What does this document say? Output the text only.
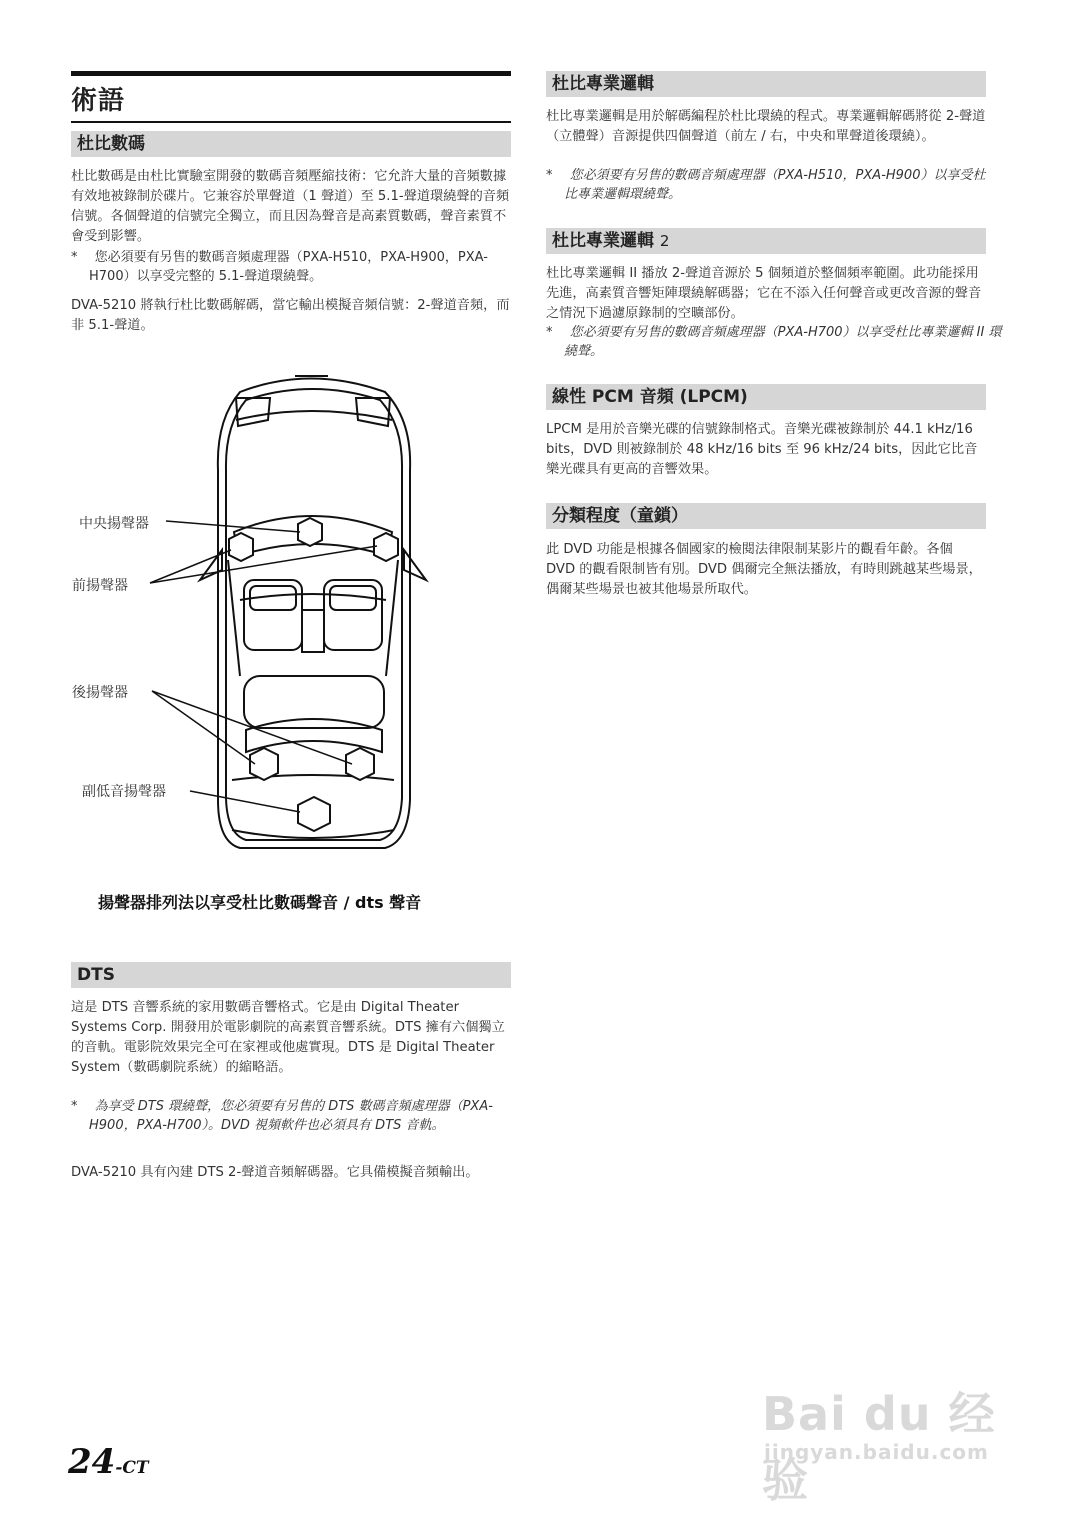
術語
杜比數碼
杜比數碼是由杜比實驗室開發的數碼音頻壓縮技術：它允許大量的音頻數據有效地被錄制於碟片。它兼容於單聲道（1 聲道）至 5.1-聲道環繞聲的音頻信號。各個聲道的信號完全獨立，而且因為聲音是高素質數碼，聲音素質不會受到影響。
* 　您必須要有另售的數碼音頻處理器（PXA-H510，PXA-H900，PXA-H700）以享受完整的 5.1-聲道環繞聲。
DVA-5210 將執行杜比數碼解碼，當它輸出模擬音頻信號：2-聲道音頻，而非 5.1-聲道。
中央揚聲器
前揚聲器
後揚聲器
副低音揚聲器
揚聲器排列法以享受杜比數碼聲音 / dts 聲音
DTS
這是 DTS 音響系統的家用數碼音響格式。它是由 Digital Theater Systems Corp. 開發用於電影劇院的高素質音響系統。DTS 擁有六個獨立的音軌。電影院效果完全可在家裡或他處實現。DTS 是 Digital Theater System（數碼劇院系統）的縮略語。
* 　為享受 DTS 環繞聲，您必須要有另售的 DTS 數碼音頻處理器（PXA-H900，PXA-H700）。DVD 視頻軟件也必須具有 DTS 音軌。
DVA-5210 具有內建 DTS 2-聲道音頻解碼器。它具備模擬音頻輸出。
杜比專業邏輯
杜比專業邏輯是用於解碼編程於杜比環繞的程式。專業邏輯解碼將從 2-聲道（立體聲）音源提供四個聲道（前左 / 右，中央和單聲道後環繞）。
* 　您必須要有另售的數碼音頻處理器（PXA-H510，PXA-H900）以享受杜比專業邏輯環繞聲。
杜比專業邏輯 2
杜比專業邏輯 II 播放 2-聲道音源於 5 個頻道於整個頻率範圍。此功能採用先進，高素質音響矩陣環繞解碼器；它在不添入任何聲音或更改音源的聲音之情況下過濾原錄制的空曠部份。
* 　您必須要有另售的數碼音頻處理器（PXA-H700）以享受杜比專業邏輯 II 環繞聲。
線性 PCM 音頻 (LPCM)
LPCM 是用於音樂光碟的信號錄制格式。音樂光碟被錄制於 44.1 kHz/16 bits，DVD 則被錄制於 48 kHz/16 bits 至 96 kHz/24 bits，因此它比音樂光碟具有更高的音響效果。
分類程度（童鎖）
此 DVD 功能是根據各個國家的檢閱法律限制某影片的觀看年齡。各個 DVD 的觀看限制皆有別。DVD 偶爾完全無法播放，有時則跳越某些場景，偶爾某些場景也被其他場景所取代。
24-CT
Bai du 经验
jingyan.baidu.com
